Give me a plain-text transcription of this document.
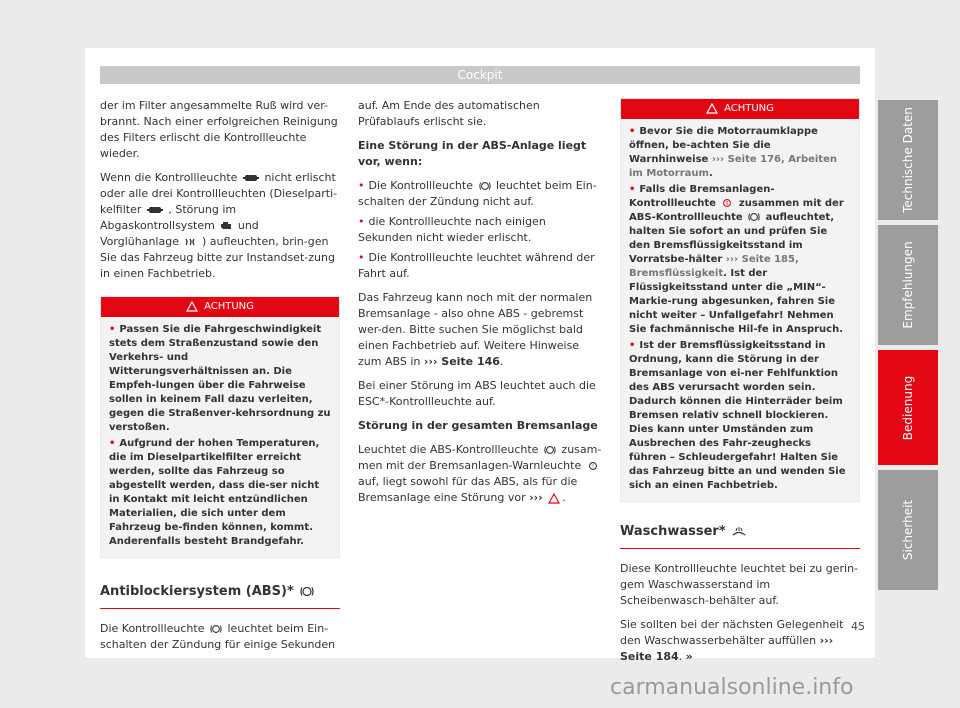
Cockpit

der im Filter angesammelte Ruß wird ver-brannt. Nach einer erfolgreichen Reinigung des Filters erlischt die Kontrollleuchte wieder.

Wenn die Kontrollleuchte nicht erlischt oder alle drei Kontrollleuchten (Dieselparti-kelfilter , Störung im Abgaskontrollsystem und Vorglühanlage ) aufleuchten, brin-gen Sie das Fahrzeug bitte zur Instandset-zung in einen Fachbetrieb.

ACHTUNG
• Passen Sie die Fahrgeschwindigkeit stets dem Straßenzustand sowie den Verkehrs- und Witterungsverhältnissen an. Die Empfeh-lungen über die Fahrweise sollen in keinem Fall dazu verleiten, gegen die Straßenver-kehrsordnung zu verstoßen.
• Aufgrund der hohen Temperaturen, die im Dieselpartikelfilter erreicht werden, sollte das Fahrzeug so abgestellt werden, dass die-ser nicht in Kontakt mit leicht entzündlichen Materialien, die sich unter dem Fahrzeug be-finden können, kommt. Anderenfalls besteht Brandgefahr.
Antiblockiersystem (ABS)*

Die Kontrollleuchte leuchtet beim Ein-schalten der Zündung für einige Sekunden

auf. Am Ende des automatischen Prüfablaufs erlischt sie.

Eine Störung in der ABS-Anlage liegt vor, wenn:

• Die Kontrollleuchte leuchtet beim Ein-schalten der Zündung nicht auf.
• die Kontrollleuchte nach einigen Sekunden nicht wieder erlischt.
• Die Kontrollleuchte leuchtet während der Fahrt auf.

Das Fahrzeug kann noch mit der normalen Bremsanlage - also ohne ABS - gebremst wer-den. Bitte suchen Sie möglichst bald einen Fachbetrieb auf. Weitere Hinweise zum ABS in ››› Seite 146.

Bei einer Störung im ABS leuchtet auch die ESC*-Kontrollleuchte auf.

Störung in der gesamten Bremsanlage

Leuchtet die ABS-Kontrollleuchte zusam-men mit der Bremsanlagen-Warnleuchte !
auf, liegt sowohl für das ABS, als für die Bremsanlage eine Störung vor ››› .

ACHTUNG
• Bevor Sie die Motorraumklappe öffnen, be-achten Sie die Warnhinweise ››› Seite 176, Arbeiten im Motorraum.
• Falls die Bremsanlagen-Kontrollleuchte ! zusammen mit der ABS-Kontrollleuchte aufleuchtet, halten Sie sofort an und prüfen Sie den Bremsflüssigkeitsstand im Vorratsbe-hälter ››› Seite 185, Bremsflüssigkeit. Ist der Flüssigkeitsstand unter die „MIN“-Markie-rung abgesunken, fahren Sie nicht weiter – Unfallgefahr! Nehmen Sie fachmännische Hil-fe in Anspruch.
• Ist der Bremsflüssigkeitsstand in Ordnung, kann die Störung in der Bremsanlage von ei-ner Fehlfunktion des ABS verursacht worden sein. Dadurch können die Hinterräder beim Bremsen relativ schnell blockieren. Dies kann unter Umständen zum Ausbrechen des Fahr-zeughecks führen – Schleudergefahr! Halten Sie das Fahrzeug bitte an und wenden Sie sich an einen Fachbetrieb.
Waschwasser*

Diese Kontrollleuchte leuchtet bei zu gerin-gem Waschwasserstand im Scheibenwasch-behälter auf.

Sie sollten bei der nächsten Gelegenheit den Waschwasserbehälter auffüllen ››› Seite 184. »

Technische Daten
Empfehlungen
Bedienung
Sicherheit
45
carmanualsonline.info
